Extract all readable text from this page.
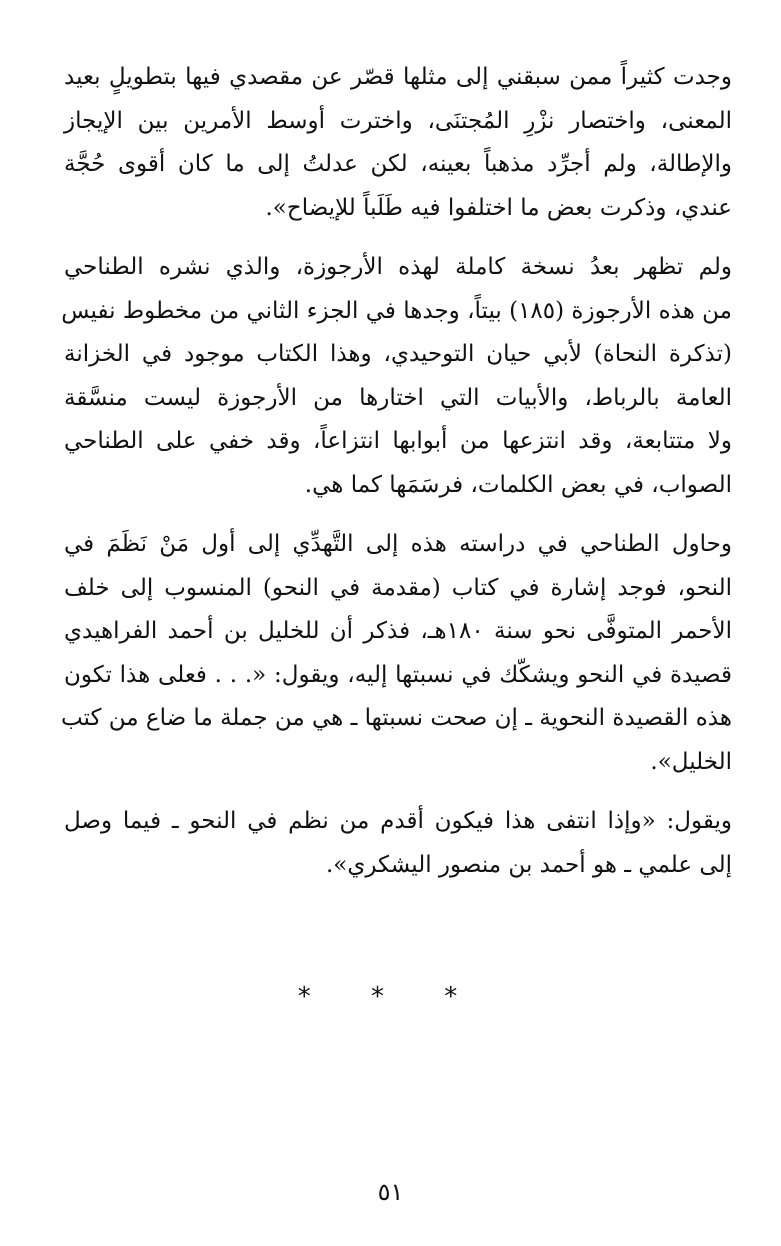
وجدت كثيراً ممن سبقني إلى مثلها قصّر عن مقصدي فيها بتطويلٍ بعيد
المعنى، واختصار نزْرِ المُجتنَى، واخترت أوسط الأمرين بين الإيجاز
والإطالة، ولم أجرِّد مذهباً بعينه، لكن عدلتُ إلى ما كان أقوى حُجَّة
عندي، وذكرت بعض ما اختلفوا فيه طَلَباً للإيضاح».

ولم تظهر بعدُ نسخة كاملة لهذه الأرجوزة، والذي نشره الطناحي
من هذه الأرجوزة (١٨٥) بيتاً، وجدها في الجزء الثاني من مخطوط نفيس
(تذكرة النحاة) لأبي حيان التوحيدي، وهذا الكتاب موجود في الخزانة
العامة بالرباط، والأبيات التي اختارها من الأرجوزة ليست منسَّقة
ولا متتابعة، وقد انتزعها من أبوابها انتزاعاً، وقد خفي على الطناحي
الصواب، في بعض الكلمات، فرسَمَها كما هي.

وحاول الطناحي في دراسته هذه إلى التَّهدِّي إلى أول مَنْ نَظَمَ في
النحو، فوجد إشارة في كتاب (مقدمة في النحو) المنسوب إلى خلف
الأحمر المتوفَّى نحو سنة ١٨٠هـ، فذكر أن للخليل بن أحمد الفراهيدي
قصيدة في النحو ويشكّك في نسبتها إليه، ويقول: «. . . فعلى هذا تكون
هذه القصيدة النحوية ـ إن صحت نسبتها ـ هي من جملة ما ضاع من كتب
الخليل».

ويقول: «وإذا انتفى هذا فيكون أقدم من نظم في النحو ـ فيما وصل
إلى علمي ـ هو أحمد بن منصور اليشكري».

* * *
٥١
